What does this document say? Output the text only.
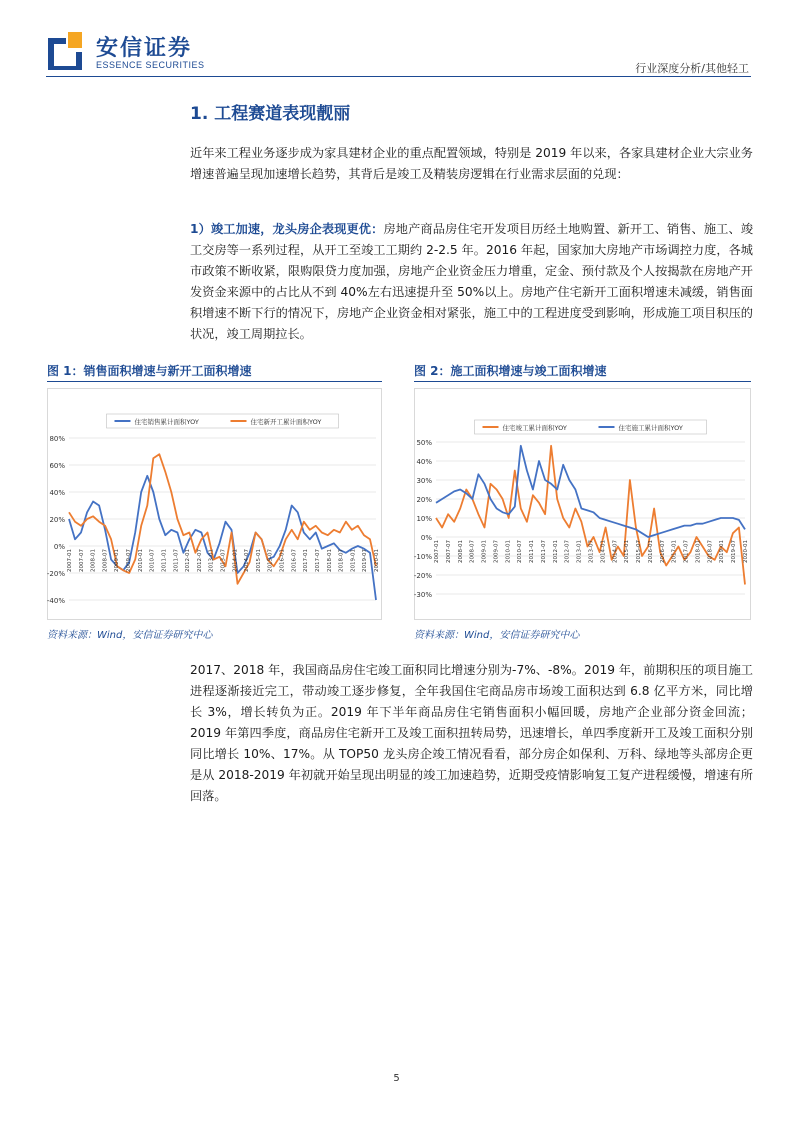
安信证券
ESSENCE SECURITIES	行业深度分析/其他轻工
1. 工程赛道表现靓丽

近年来工程业务逐步成为家具建材企业的重点配置领域，特别是 2019 年以来，各家具建材企业大宗业务增速普遍呈现加速增长趋势，其背后是竣工及精装房逻辑在行业需求层面的兑现：

1）竣工加速，龙头房企表现更优：房地产商品房住宅开发项目历经土地购置、新开工、销售、施工、竣工交房等一系列过程，从开工至竣工工期约 2-2.5 年。2016 年起，国家加大房地产市场调控力度，各城市政策不断收紧，限购限贷力度加强，房地产企业资金压力增重，定金、预付款及个人按揭款在房地产开发资金来源中的占比从不到 40%左右迅速提升至 50%以上。房地产住宅新开工面积增速未减缓，销售面积增速不断下行的情况下，房地产企业资金相对紧张，施工中的工程进度受到影响，形成施工项目积压的状况，竣工周期拉长。

图 1：销售面积增速与新开工面积增速	图 2：施工面积增速与竣工面积增速
80%
60%
40%
20%
0%
-20%
-40%
住宅销售累计面积YOY	住宅新开工累计面积YOY
2007-01 2007-07 2008-01 2008-07 2009-01 2009-07 2010-01 2010-07 2011-01 2011-07 2012-01 2012-07 2013-01 2013-07 2014-01 2014-07 2015-01 2015-07 2016-01 2016-07 2017-01 2017-07 2018-01 2018-07 2019-01 2019-07 2020-01
50%
40%
30%
20%
10%
0%
-10%
-20%
-30%
住宅竣工累计面积YOY	住宅施工累计面积YOY
2007-01 2007-07 2008-01 2008-07 2009-01 2009-07 2010-01 2010-07 2011-01 2011-07 2012-01 2012-07 2013-01 2013-07 2014-01 2014-07 2015-01 2015-07 2016-01 2016-07 2017-01 2017-07 2018-01 2018-07 2019-01 2019-07 2020-01
资料来源：Wind，安信证券研究中心	资料来源：Wind，安信证券研究中心

2017、2018 年，我国商品房住宅竣工面积同比增速分别为-7%、-8%。2019 年，前期积压的项目施工进程逐渐接近完工，带动竣工逐步修复，全年我国住宅商品房市场竣工面积达到 6.8 亿平方米，同比增长 3%，增长转负为正。2019 年下半年商品房住宅销售面积小幅回暖，房地产企业部分资金回流；2019 年第四季度，商品房住宅新开工及竣工面积扭转局势，迅速增长，单四季度新开工及竣工面积分别同比增长 10%、17%。从 TOP50 龙头房企竣工情况看看，部分房企如保利、万科、绿地等头部房企更是从 2018-2019 年初就开始呈现出明显的竣工加速趋势，近期受疫情影响复工复产进程缓慢，增速有所回落。

5
